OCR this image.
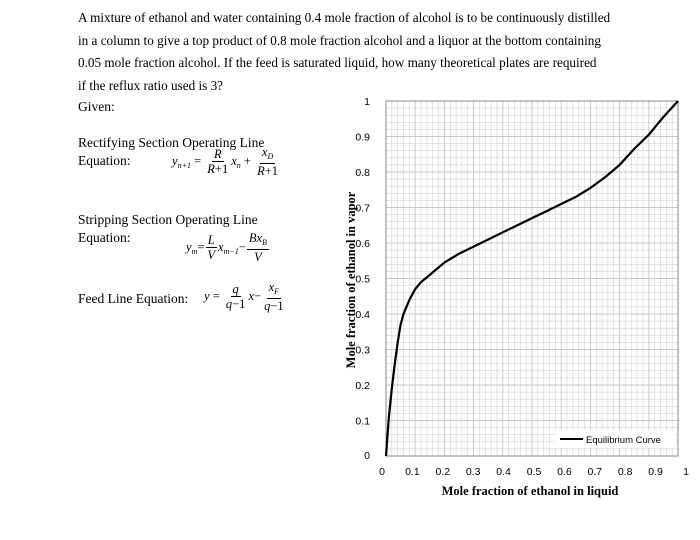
A mixture of ethanol and water containing 0.4 mole fraction of alcohol is to be continuously distilled
in a column to give a top product of 0.8 mole fraction alcohol and a liquor at the bottom containing
0.05 mole fraction alcohol. If the feed is saturated liquid, how many theoretical plates are required
if the reflux ratio used is 3?
Given:
Rectifying Section Operating Line
Equation:	$y_{n+1} = \frac{R}{R+1} x_n + \frac{x_D}{R+1}$
Stripping Section Operating Line
Equation:
$y_m= \frac{L}{V} x_{m-1}- \frac{Bx_B}{V}$
Feed Line Equation: $y = \frac{q}{q-1} x- \frac{x_F}{q-1}$
0
0.1
0.2
0.3
0.4
0.5
0.6
0.7
0.8
0.9
1
0 0.1 0.2 0.3 0.4 0.5 0.6 0.7 0.8 0.9 1
Mole fraction of ethanol in vapor
Mole fraction of ethanol in liquid
Equilibrium Curve
